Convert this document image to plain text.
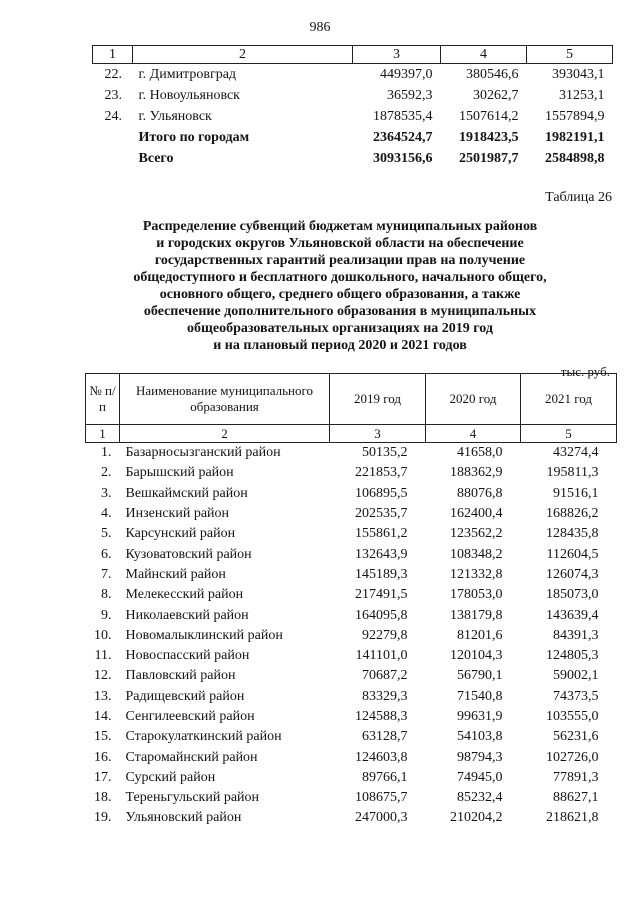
986
1	2	3	4	5
22.	г. Димитровград	449397,0	380546,6	393043,1
23.	г. Новоульяновск	36592,3	30262,7	31253,1
24.	г. Ульяновск	1878535,4	1507614,2	1557894,9
	Итого по городам	2364524,7	1918423,5	1982191,1
	Всего	3093156,6	2501987,7	2584898,8
Таблица 26
Распределение субвенций бюджетам муниципальных районов
и городских округов Ульяновской области на обеспечение
государственных гарантий реализации прав на получение
общедоступного и бесплатного дошкольного, начального общего,
основного общего, среднего общего образования, а также
обеспечение дополнительного образования в муниципальных
общеобразовательных организациях на 2019 год
и на плановый период 2020 и 2021 годов
тыс. руб.
№ п/п	Наименование муниципального образования	2019 год	2020 год	2021 год
1	2	3	4	5
1.	Базарносызганский район	50135,2	41658,0	43274,4
2.	Барышский район	221853,7	188362,9	195811,3
3.	Вешкаймский район	106895,5	88076,8	91516,1
4.	Инзенский район	202535,7	162400,4	168826,2
5.	Карсунский район	155861,2	123562,2	128435,8
6.	Кузоватовский район	132643,9	108348,2	112604,5
7.	Майнский район	145189,3	121332,8	126074,3
8.	Мелекесский район	217491,5	178053,0	185073,0
9.	Николаевский район	164095,8	138179,8	143639,4
10.	Новомалыклинский район	92279,8	81201,6	84391,3
11.	Новоспасский район	141101,0	120104,3	124805,3
12.	Павловский район	70687,2	56790,1	59002,1
13.	Радищевский район	83329,3	71540,8	74373,5
14.	Сенгилеевский район	124588,3	99631,9	103555,0
15.	Старокулаткинский район	63128,7	54103,8	56231,6
16.	Старомайнский район	124603,8	98794,3	102726,0
17.	Сурский район	89766,1	74945,0	77891,3
18.	Тереньгульский район	108675,7	85232,4	88627,1
19.	Ульяновский район	247000,3	210204,2	218621,8
